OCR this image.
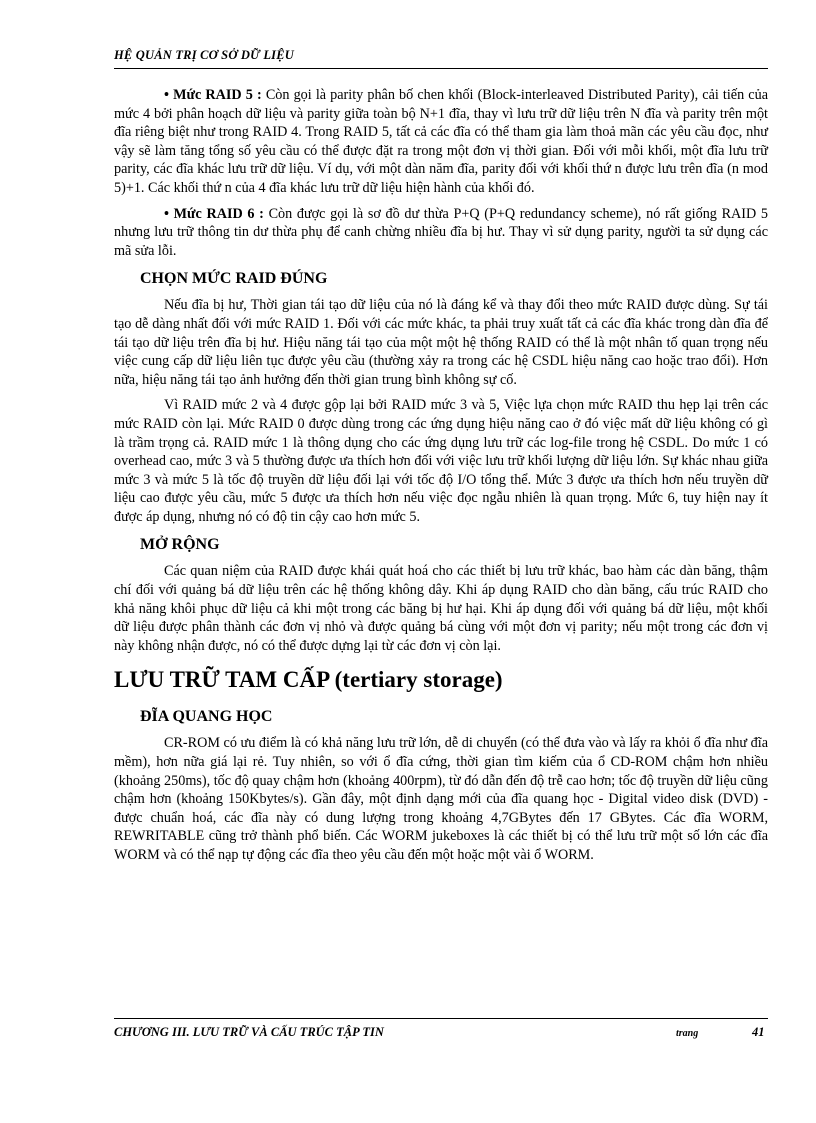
HỆ QUẢN TRỊ CƠ SỞ DỮ LIỆU

• Mức RAID 5 : Còn gọi là parity phân bố chen khối (Block-interleaved Distributed Parity), cải tiến của mức 4 bởi phân hoạch dữ liệu và parity giữa toàn bộ N+1 đĩa, thay vì lưu trữ dữ liệu trên N đĩa và parity trên một đĩa riêng biệt như trong RAID 4. Trong RAID 5, tất cả các đĩa có thể tham gia làm thoả mãn các yêu cầu đọc, như vậy sẽ làm tăng tổng số yêu cầu có thể được đặt ra trong một đơn vị thời gian. Đối với mỗi khối, một đĩa lưu trữ parity, các đĩa khác lưu trữ dữ liệu. Ví dụ, với một dàn năm đĩa, parity đối với khối thứ n được lưu trên đĩa (n mod 5)+1. Các khối thứ n của 4 đĩa khác lưu trữ dữ liệu hiện hành của khối đó.

• Mức RAID 6 : Còn được gọi là sơ đồ dư thừa P+Q (P+Q redundancy scheme), nó rất giống RAID 5 nhưng lưu trữ thông tin dư thừa phụ để canh chừng nhiều đĩa bị hư. Thay vì sử dụng parity, người ta sử dụng các mã sửa lỗi.

CHỌN MỨC RAID ĐÚNG

Nếu đĩa bị hư, Thời gian tái tạo dữ liệu của nó là đáng kể và thay đổi theo mức RAID được dùng. Sự tái tạo dễ dàng nhất đối với mức RAID 1. Đối với các mức khác, ta phải truy xuất tất cả các đĩa khác trong dàn đĩa để tái tạo dữ liệu trên đĩa bị hư. Hiệu năng tái tạo của một một hệ thống RAID có thể là một nhân tố quan trọng nếu việc cung cấp dữ liệu liên tục được yêu cầu (thường xảy ra trong các hệ CSDL hiệu năng cao hoặc trao đổi). Hơn nữa, hiệu năng tái tạo ảnh hưởng đến thời gian trung bình không sự cố.

Vì RAID mức 2 và 4 được gộp lại bởi RAID mức 3 và 5, Việc lựa chọn mức RAID thu hẹp lại trên các mức RAID còn lại. Mức RAID 0 được dùng trong các ứng dụng hiệu năng cao ở đó việc mất dữ liệu không có gì là trầm trọng cả. RAID mức 1 là thông dụng cho các ứng dụng lưu trữ các log-file trong hệ CSDL. Do mức 1 có overhead cao, mức 3 và 5 thường được ưa thích hơn đối với việc lưu trữ khối lượng dữ liệu lớn. Sự khác nhau giữa mức 3 và mức 5 là tốc độ truyền dữ liệu đối lại với tốc độ I/O tổng thể. Mức 3 được ưa thích hơn nếu truyền dữ liệu cao được yêu cầu, mức 5 được ưa thích hơn nếu việc đọc ngẫu nhiên là quan trọng. Mức 6, tuy hiện nay ít được áp dụng, nhưng nó có độ tin cậy cao hơn mức 5.

MỞ RỘNG

Các quan niệm của RAID được khái quát hoá cho các thiết bị lưu trữ khác, bao hàm các dàn băng, thậm chí đối với quảng bá dữ liệu trên các hệ thống không dây. Khi áp dụng RAID cho dàn băng, cấu trúc RAID cho khả năng khôi phục dữ liệu cả khi một trong các băng bị hư hại. Khi áp dụng đối với quảng bá dữ liệu, một khối dữ liệu được phân thành các đơn vị nhỏ và được quảng bá cùng với một đơn vị parity; nếu một trong các đơn vị này không nhận được, nó có thể được dựng lại từ các đơn vị còn lại.

LƯU TRỮ TAM CẤP (tertiary storage)
ĐĨA QUANG HỌC

CR-ROM có ưu điểm là có khả năng lưu trữ lớn, dễ di chuyển (có thể đưa vào và lấy ra khỏi ổ đĩa như đĩa mềm), hơn nữa giá lại rẻ. Tuy nhiên, so với ổ đĩa cứng, thời gian tìm kiếm của ổ CD-ROM chậm hơn nhiều (khoảng 250ms), tốc độ quay chậm hơn (khoảng 400rpm), từ đó dẫn đến độ trễ cao hơn; tốc độ truyền dữ liệu cũng chậm hơn (khoảng 150Kbytes/s). Gần đây, một định dạng mới của đĩa quang học - Digital video disk (DVD) - được chuẩn hoá, các đĩa này có dung lượng trong khoảng 4,7GBytes đến 17 GBytes. Các đĩa WORM, REWRITABLE cũng trở thành phổ biến. Các WORM jukeboxes là các thiết bị có thể lưu trữ một số lớn các đĩa WORM và có thể nạp tự động các đĩa theo yêu cầu đến một hoặc một vài ổ WORM.

CHƯƠNG III. LƯU TRỮ VÀ CẤU TRÚC TẬP TIN	trang	41
